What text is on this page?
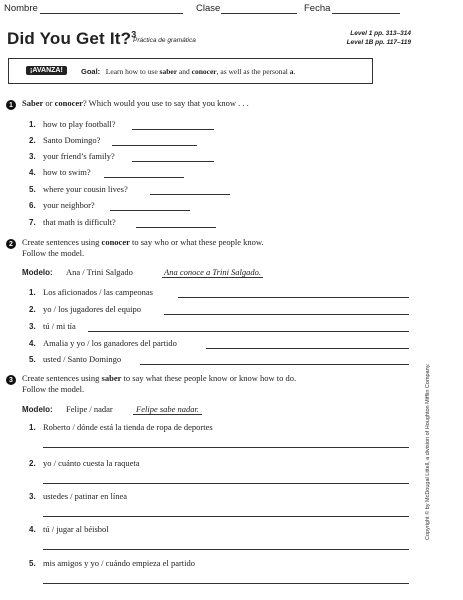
Nombre	Clase	Fecha
Did You Get It?$^3$
Práctica de gramática
Level 1 pp. 313–314
Level 1B pp. 117–119
¡AVANZA!	Goal: Learn how to use saber and conocer, as well as the personal a.
1	Saber or conocer? Which would you use to say that you know . . .
1. how to play football?
2. Santo Domingo?
3. your friend’s family?
4. how to swim?
5. where your cousin lives?
6. your neighbor?
7. that math is difficult?
2	Create sentences using conocer to say who or what these people know.
Follow the model.
Modelo: Ana / Trini Salgado	Ana conoce a Trini Salgado.
1. Los aficionados / las campeonas
2. yo / los jugadores del equipo
3. tú / mi tía
4. Amalia y yo / los ganadores del partido
5. usted / Santo Domingo
3	Create sentences using saber to say what these people know or know how to do.
Follow the model.
Modelo: Felipe / nadar	Felipe sabe nadar.
1. Roberto / dónde está la tienda de ropa de deportes
2. yo / cuánto cuesta la raqueta
3. ustedes / patinar en línea
4. tú / jugar al béisbol
5. mis amigos y yo / cuándo empieza el partido
Copyright © by McDougal Littell, a division of Houghton Mifflin Company.
